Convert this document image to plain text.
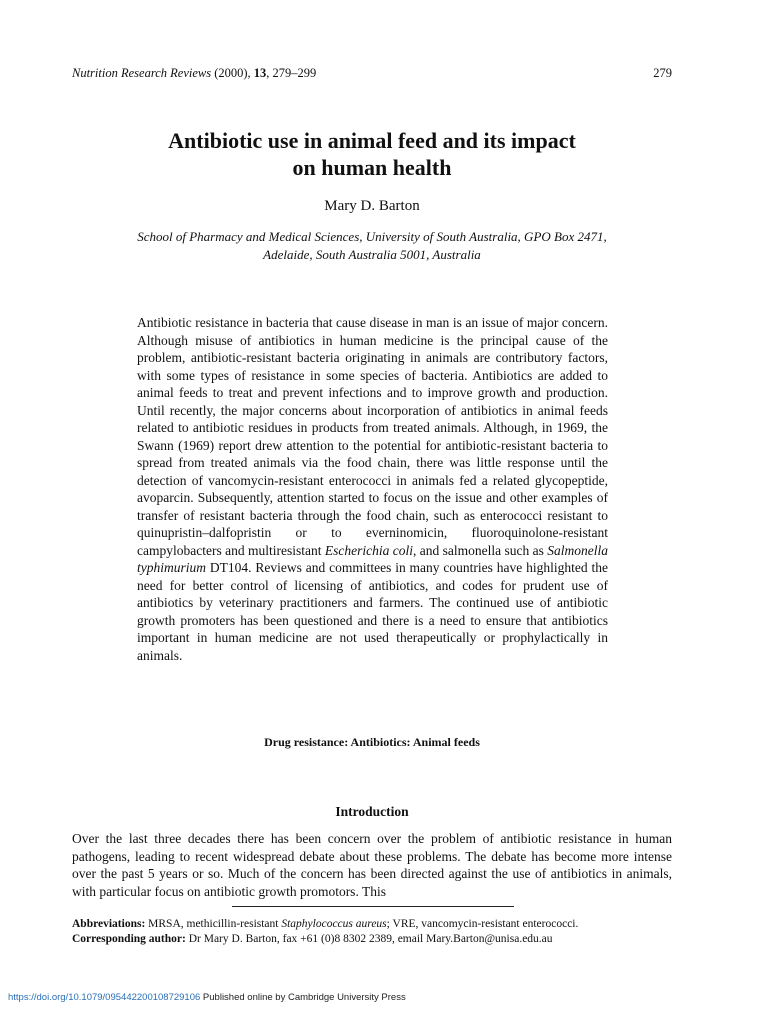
Nutrition Research Reviews (2000), 13, 279–299	279
Antibiotic use in animal feed and its impact
on human health
Mary D. Barton
School of Pharmacy and Medical Sciences, University of South Australia, GPO Box 2471,
Adelaide, South Australia 5001, Australia
Antibiotic resistance in bacteria that cause disease in man is an issue of major concern. Although misuse of antibiotics in human medicine is the principal cause of the problem, antibiotic-resistant bacteria originating in animals are contributory factors, with some types of resistance in some species of bacteria. Antibiotics are added to animal feeds to treat and prevent infections and to improve growth and production. Until recently, the major concerns about incorporation of antibiotics in animal feeds related to antibiotic residues in products from treated animals. Although, in 1969, the Swann (1969) report drew attention to the potential for antibiotic-resistant bacteria to spread from treated animals via the food chain, there was little response until the detection of vancomycin-resistant enterococci in animals fed a related glycopeptide, avoparcin. Subsequently, attention started to focus on the issue and other examples of transfer of resistant bacteria through the food chain, such as enterococci resistant to quinupristin–dalfopristin or to everninomicin, fluoroquinolone-resistant campylobacters and multiresistant Escherichia coli, and salmonella such as Salmonella typhimurium DT104. Reviews and committees in many countries have highlighted the need for better control of licensing of antibiotics, and codes for prudent use of antibiotics by veterinary practitioners and farmers. The continued use of antibiotic growth promoters has been questioned and there is a need to ensure that antibiotics important in human medicine are not used therapeutically or prophylactically in animals.
Drug resistance: Antibiotics: Animal feeds
Introduction
Over the last three decades there has been concern over the problem of antibiotic resistance in human pathogens, leading to recent widespread debate about these problems. The debate has become more intense over the past 5 years or so. Much of the concern has been directed against the use of antibiotics in animals, with particular focus on antibiotic growth promotors. This
Abbreviations: MRSA, methicillin-resistant Staphylococcus aureus; VRE, vancomycin-resistant enterococci.
Corresponding author: Dr Mary D. Barton, fax +61 (0)8 8302 2389, email Mary.Barton@unisa.edu.au
https://doi.org/10.1079/095442200108729106 Published online by Cambridge University Press
